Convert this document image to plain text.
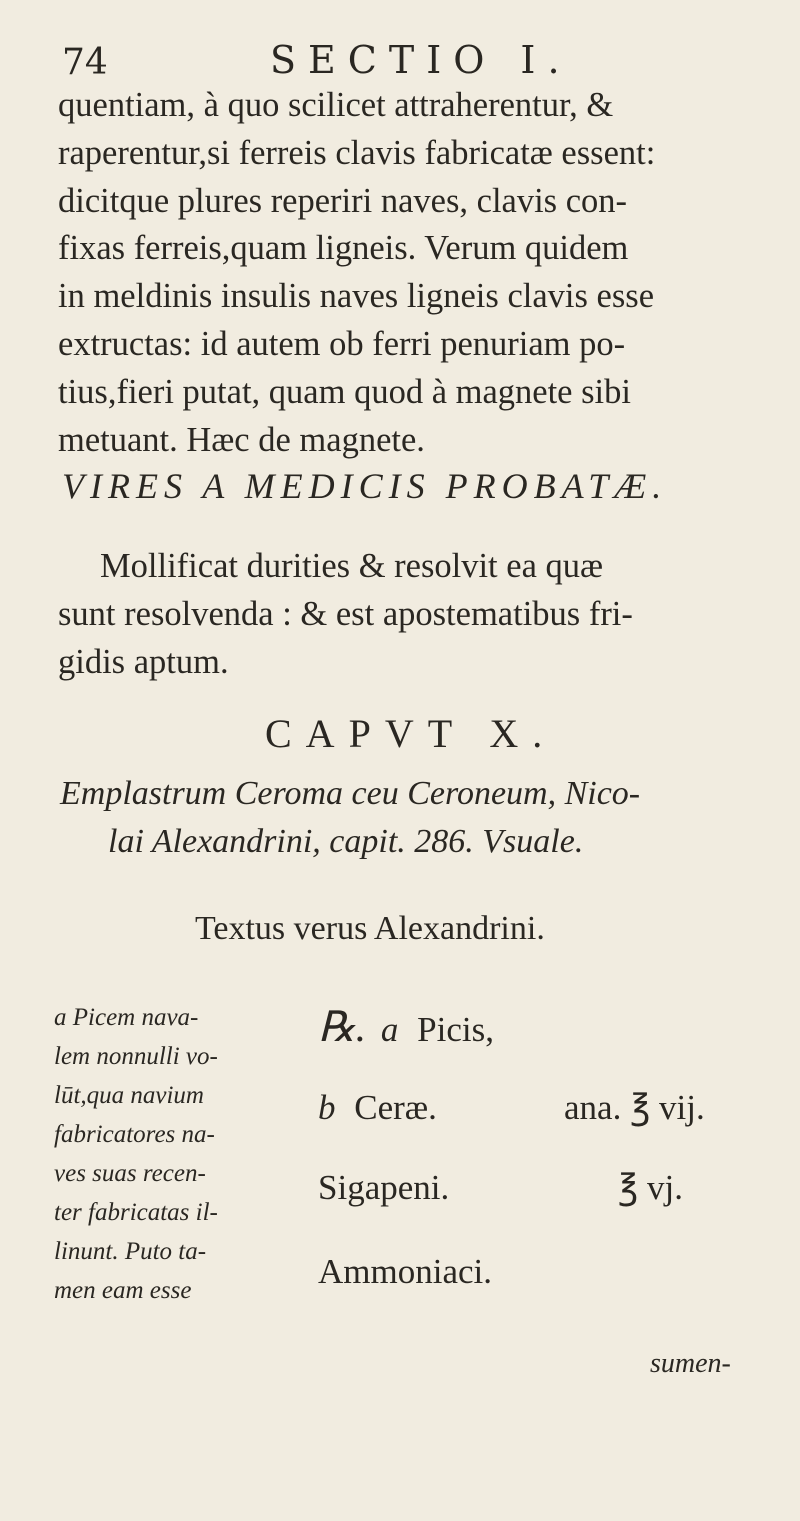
74	SECTIO I.
quentiam, à quo scilicet attraherentur, &
raperentur,si ferreis clavis fabricatæ essent:
dicitque plures reperiri naves, clavis con-
fixas ferreis,quam ligneis. Verum quidem
in meldinis insulis naves ligneis clavis esse
extructas: id autem ob ferri penuriam po-
tius,fieri putat, quam quod à magnete sibi
metuant. Hæc de magnete.
VIRES A MEDICIS PROBATÆ.
Mollificat durities & resolvit ea quæ
sunt resolvenda : & est apostematibus fri-
gidis aptum.
CAPVT X.
Emplastrum Ceroma ceu Ceroneum, Nico-
lai Alexandrini, capit. 286. Vsuale.
Textus verus Alexandrini.
a Picem nava-
lem nonnulli vo-
lūt,qua navium
fabricatores na-
ves suas recen-
ter fabricatas il-
linunt. Puto ta-
men eam esse
℞. a Picis,
b Ceræ.	ana. ℥ vij.
Sigapeni.	℥ vj.
Ammoniaci.
sumen-
